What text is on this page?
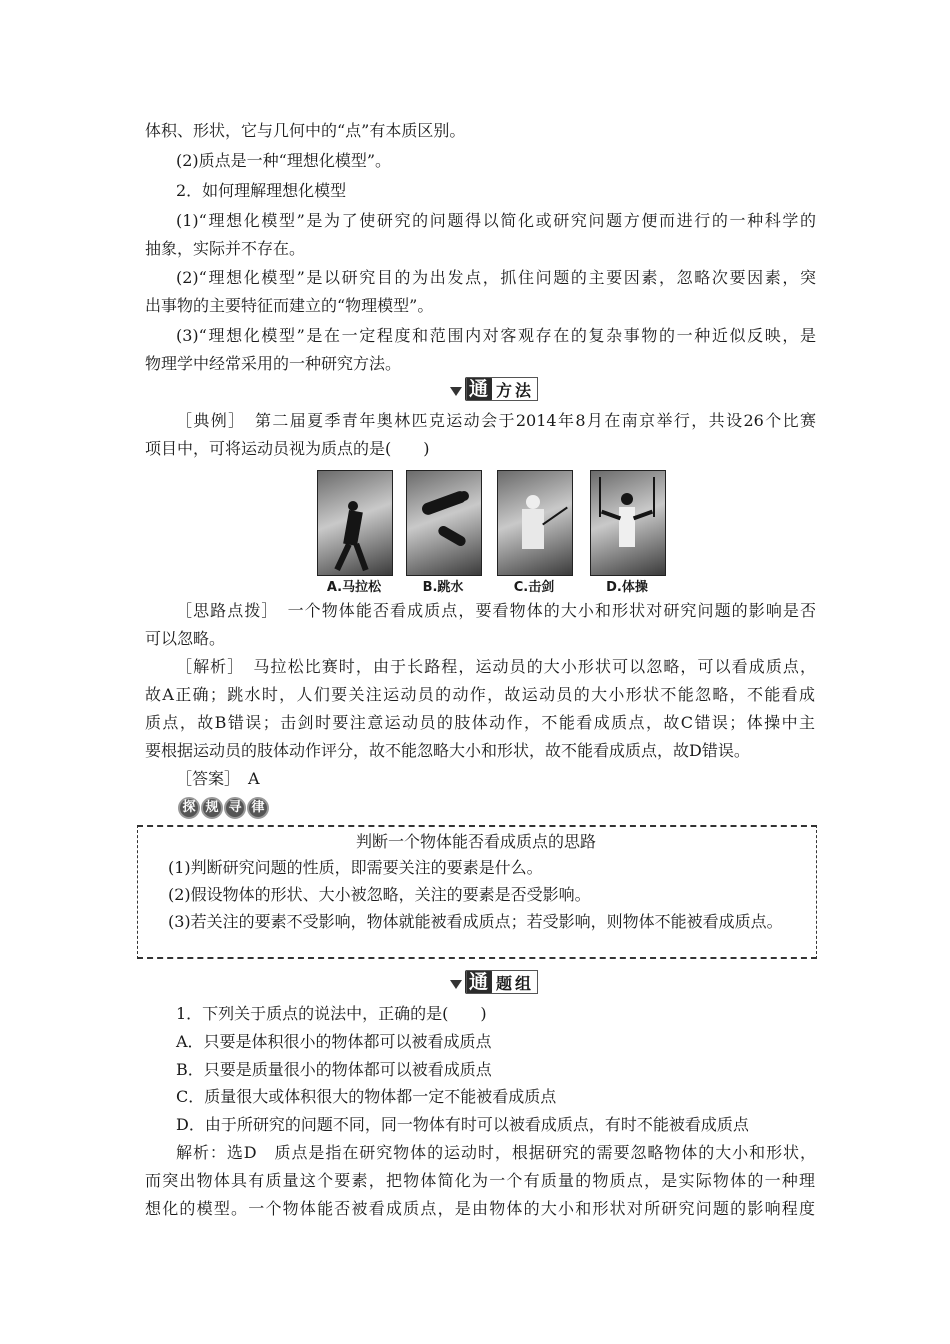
体积、形状，它与几何中的“点”有本质区别。
(2)质点是一种“理想化模型”。
2．如何理解理想化模型
(1)“理想化模型”是为了使研究的问题得以简化或研究问题方便而进行的一种科学的
抽象，实际并不存在。
(2)“理想化模型”是以研究目的为出发点，抓住问题的主要因素，忽略次要因素，突
出事物的主要特征而建立的“物理模型”。
(3)“理想化模型”是在一定程度和范围内对客观存在的复杂事物的一种近似反映，是
物理学中经常采用的一种研究方法。
通 方法
［典例］　第二届夏季青年奥林匹克运动会于2014年8月在南京举行，共设26个比赛
项目中，可将运动员视为质点的是(　　)
A.马拉松	B.跳水	C.击剑	D.体操
［思路点拨］　一个物体能否看成质点，要看物体的大小和形状对研究问题的影响是否
可以忽略。
［解析］　马拉松比赛时，由于长路程，运动员的大小形状可以忽略，可以看成质点，
故A正确；跳水时，人们要关注运动员的动作，故运动员的大小形状不能忽略，不能看成
质点，故B错误；击剑时要注意运动员的肢体动作，不能看成质点，故C错误；体操中主
要根据运动员的肢体动作评分，故不能忽略大小和形状，故不能看成质点，故D错误。
［答案］　A
探 规 寻 律
判断一个物体能否看成质点的思路
(1)判断研究问题的性质，即需要关注的要素是什么。
(2)假设物体的形状、大小被忽略，关注的要素是否受影响。
(3)若关注的要素不受影响，物体就能被看成质点；若受影响，则物体不能被看成质点。
通 题组
1．下列关于质点的说法中，正确的是(　　)
A．只要是体积很小的物体都可以被看成质点
B．只要是质量很小的物体都可以被看成质点
C．质量很大或体积很大的物体都一定不能被看成质点
D．由于所研究的问题不同，同一物体有时可以被看成质点，有时不能被看成质点
解析：选D　质点是指在研究物体的运动时，根据研究的需要忽略物体的大小和形状，
而突出物体具有质量这个要素，把物体简化为一个有质量的物质点，是实际物体的一种理
想化的模型。一个物体能否被看成质点，是由物体的大小和形状对所研究问题的影响程度
